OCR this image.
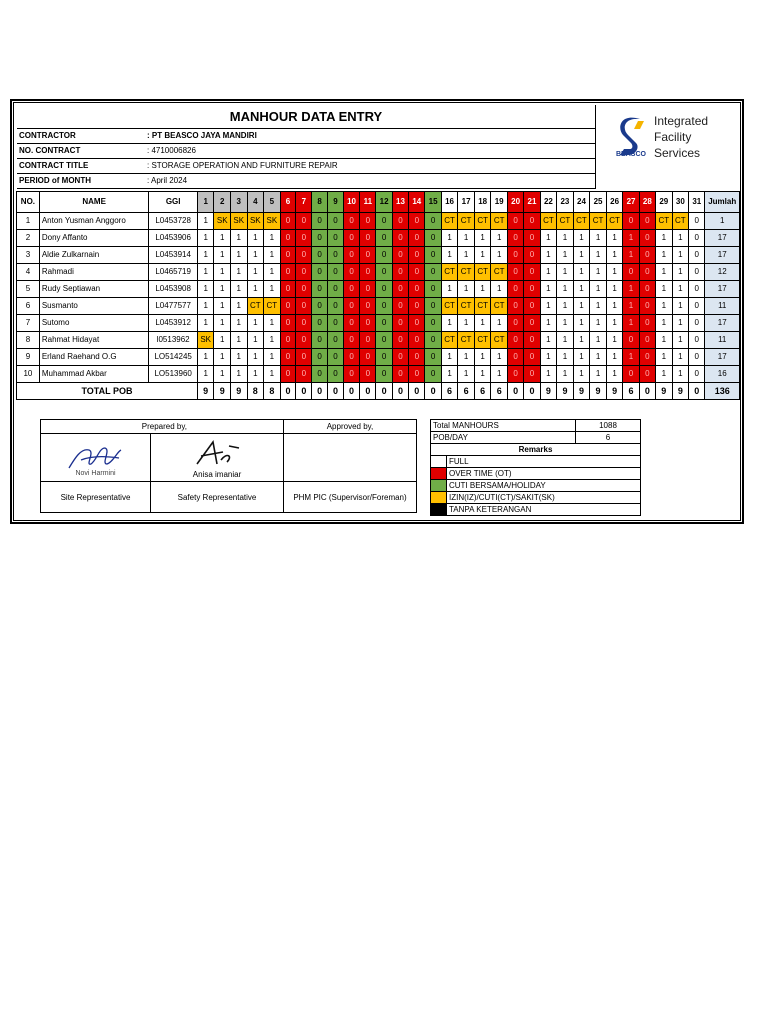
MANHOUR DATA ENTRY
BEASCO
Integrated
Facility
Services
CONTRACTOR	: PT BEASCO JAYA MANDIRI
NO. CONTRACT	: 4710006826
CONTRACT TITLE	: STORAGE OPERATION AND FURNITURE REPAIR
PERIOD of MONTH	: April 2024
NO.	NAME	GGI	1	2	3	4	5	6	7	8	9	10	11	12	13	14	15	16	17	18	19	20	21	22	23	24	25	26	27	28	29	30	31	Jumlah
1	Anton Yusman Anggoro	L0453728	1	SK	SK	SK	SK	0	0	0	0	0	0	0	0	0	0	CT	CT	CT	CT	0	0	CT	CT	CT	CT	CT	0	0	CT	CT	0	1
2	Dony Affanto	L0453906	1	1	1	1	1	0	0	0	0	0	0	0	0	0	0	1	1	1	1	0	0	1	1	1	1	1	1	0	1	1	0	17
3	Aldie Zulkarnain	L0453914	1	1	1	1	1	0	0	0	0	0	0	0	0	0	0	1	1	1	1	0	0	1	1	1	1	1	1	0	1	1	0	17
4	Rahmadi	L0465719	1	1	1	1	1	0	0	0	0	0	0	0	0	0	0	CT	CT	CT	CT	0	0	1	1	1	1	1	0	0	1	1	0	12
5	Rudy Septiawan	L0453908	1	1	1	1	1	0	0	0	0	0	0	0	0	0	0	1	1	1	1	0	0	1	1	1	1	1	1	0	1	1	0	17
6	Susmanto	L0477577	1	1	1	CT	CT	0	0	0	0	0	0	0	0	0	0	CT	CT	CT	CT	0	0	1	1	1	1	1	1	0	1	1	0	11
7	Sutomo	L0453912	1	1	1	1	1	0	0	0	0	0	0	0	0	0	0	1	1	1	1	0	0	1	1	1	1	1	1	0	1	1	0	17
8	Rahmat Hidayat	l0513962	SK	1	1	1	1	0	0	0	0	0	0	0	0	0	0	CT	CT	CT	CT	0	0	1	1	1	1	1	0	0	1	1	0	11
9	Erland Raehand O.G	LO514245	1	1	1	1	1	0	0	0	0	0	0	0	0	0	0	1	1	1	1	0	0	1	1	1	1	1	1	0	1	1	0	17
10	Muhammad Akbar	LO513960	1	1	1	1	1	0	0	0	0	0	0	0	0	0	0	1	1	1	1	0	0	1	1	1	1	1	0	0	1	1	0	16
TOTAL POB			9	9	9	8	8	0	0	0	0	0	0	0	0	0	0	6	6	6	6	0	0	9	9	9	9	9	6	0	9	9	0	136
Prepared by,		Approved by,

Novi Harmini	Anisa imaniar	

Site Representative	Safety Representative	PHM PIC (Supervisor/Foreman)
Total MANHOURS		1088
POB/DAY		6
Remarks		
	FULL	
	OVER TIME (OT)	
	CUTI BERSAMA/HOLIDAY	
	IZIN(IZ)/CUTI(CT)/SAKIT(SK)	
	TANPA KETERANGAN	
